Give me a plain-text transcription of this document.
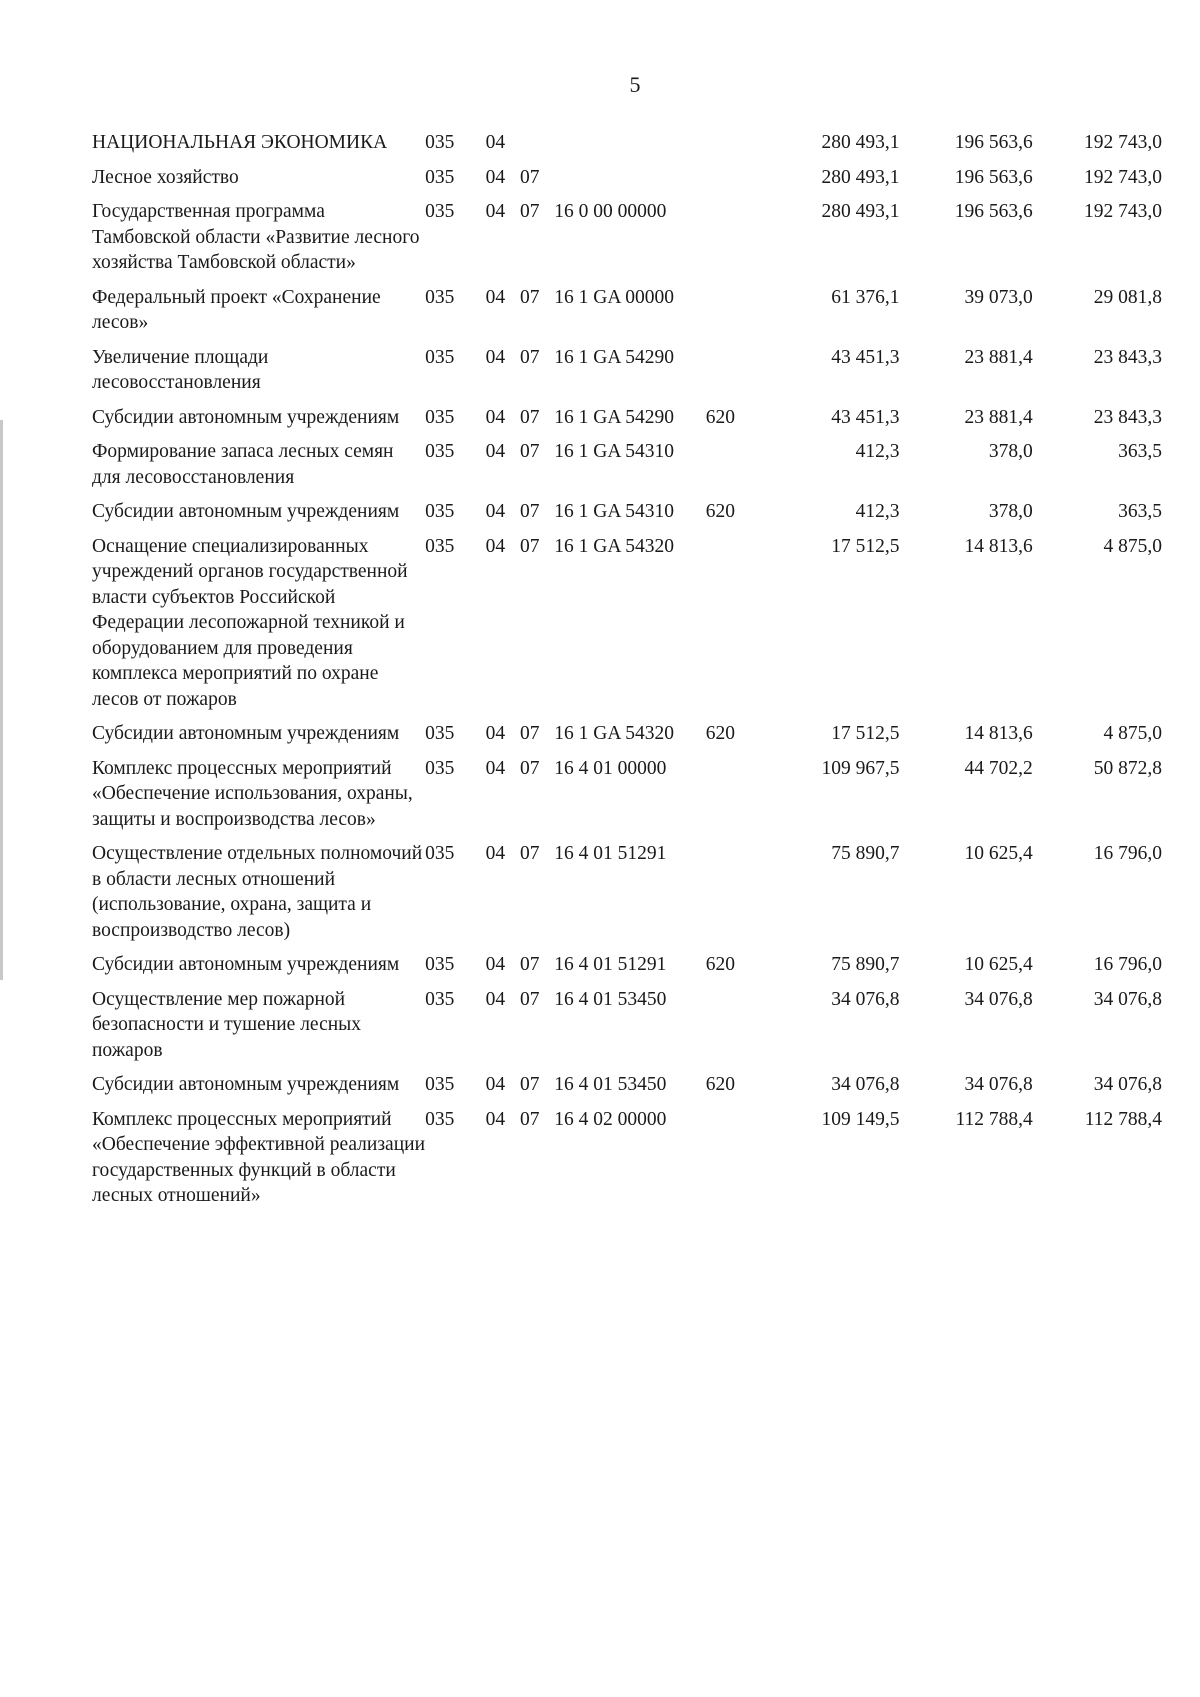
5
НАЦИОНАЛЬНАЯ ЭКОНОМИКА	035	04				280 493,1	196 563,6	192 743,0
Лесное хозяйство	035	04	07			280 493,1	196 563,6	192 743,0
Государственная программа Тамбовской области «Развитие лесного хозяйства Тамбовской области»	035	04	07	16 0 00 00000		280 493,1	196 563,6	192 743,0
Федеральный проект «Сохранение лесов»	035	04	07	16 1 GA 00000		61 376,1	39 073,0	29 081,8
Увеличение площади лесовосстановления	035	04	07	16 1 GA 54290		43 451,3	23 881,4	23 843,3
Субсидии автономным учреждениям	035	04	07	16 1 GA 54290	620	43 451,3	23 881,4	23 843,3
Формирование запаса лесных семян для лесовосстановления	035	04	07	16 1 GA 54310		412,3	378,0	363,5
Субсидии автономным учреждениям	035	04	07	16 1 GA 54310	620	412,3	378,0	363,5
Оснащение специализированных учреждений органов государственной власти субъектов Российской Федерации лесопожарной техникой и оборудованием для проведения комплекса мероприятий по охране лесов от пожаров	035	04	07	16 1 GA 54320		17 512,5	14 813,6	4 875,0
Субсидии автономным учреждениям	035	04	07	16 1 GA 54320	620	17 512,5	14 813,6	4 875,0
Комплекс процессных мероприятий «Обеспечение использования, охраны, защиты и воспроизводства лесов»	035	04	07	16 4 01 00000		109 967,5	44 702,2	50 872,8
Осуществление отдельных полномочий в области лесных отношений (использование, охрана, защита и воспроизводство лесов)	035	04	07	16 4 01 51291		75 890,7	10 625,4	16 796,0
Субсидии автономным учреждениям	035	04	07	16 4 01 51291	620	75 890,7	10 625,4	16 796,0
Осуществление мер пожарной безопасности и тушение лесных пожаров	035	04	07	16 4 01 53450		34 076,8	34 076,8	34 076,8
Субсидии автономным учреждениям	035	04	07	16 4 01 53450	620	34 076,8	34 076,8	34 076,8
Комплекс процессных мероприятий «Обеспечение эффективной реализации государственных функций в области лесных отношений»	035	04	07	16 4 02 00000		109 149,5	112 788,4	112 788,4
